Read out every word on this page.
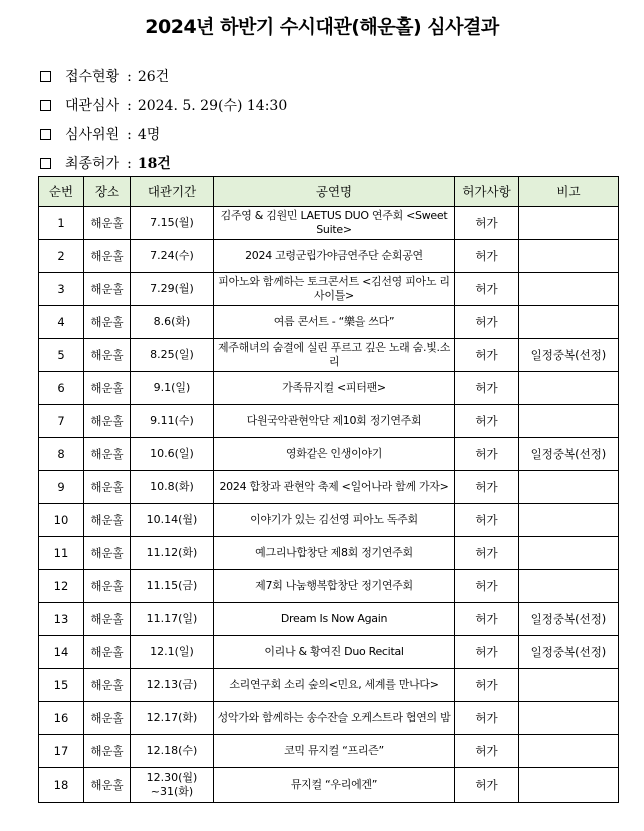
2024년 하반기 수시대관(해운홀) 심사결과
접수현황 : 26건
대관심사 : 2024. 5. 29(수) 14:30
심사위원 : 4명
최종허가 : 18건
순번	장소	대관기간	공연명	허가사항	비고
1	해운홀	7.15(월)	김주영 & 김원민 LAETUS DUO 연주회 <Sweet Suite>	허가	
2	해운홀	7.24(수)	2024 고령군립가야금연주단 순회공연	허가	
3	해운홀	7.29(월)	피아노와 함께하는 토크콘서트 <김선영 피아노 리사이틀>	허가	
4	해운홀	8.6(화)	여름 콘서트 - “樂을 쓰다”	허가	
5	해운홀	8.25(일)	제주해녀의 숨결에 실린 푸르고 깊은 노래 숨.빛.소리	허가	일정중복(선정)
6	해운홀	9.1(일)	가족뮤지컬 <피터팬>	허가	
7	해운홀	9.11(수)	다원국악관현악단 제10회 정기연주회	허가	
8	해운홀	10.6(일)	영화같은 인생이야기	허가	일정중복(선정)
9	해운홀	10.8(화)	2024 합창과 관현악 축제 <일어나라 함께 가자>	허가	
10	해운홀	10.14(월)	이야기가 있는 김선영 피아노 독주회	허가	
11	해운홀	11.12(화)	예그리나합창단 제8회 정기연주회	허가	
12	해운홀	11.15(금)	제7회 나눔행복합창단 정기연주회	허가	
13	해운홀	11.17(일)	Dream Is Now Again	허가	일정중복(선정)
14	해운홀	12.1(일)	이리나 & 황여진 Duo Recital	허가	일정중복(선정)
15	해운홀	12.13(금)	소리연구회 소리 숲의<민요, 세계를 만나다>	허가	
16	해운홀	12.17(화)	성악가와 함께하는 송수잔슬 오케스트라 협연의 밤	허가	
17	해운홀	12.18(수)	코믹 뮤지컬 “프리즌”	허가	
18	해운홀	12.30(월) ~31(화)	뮤지컬 “우리에겐”	허가	
